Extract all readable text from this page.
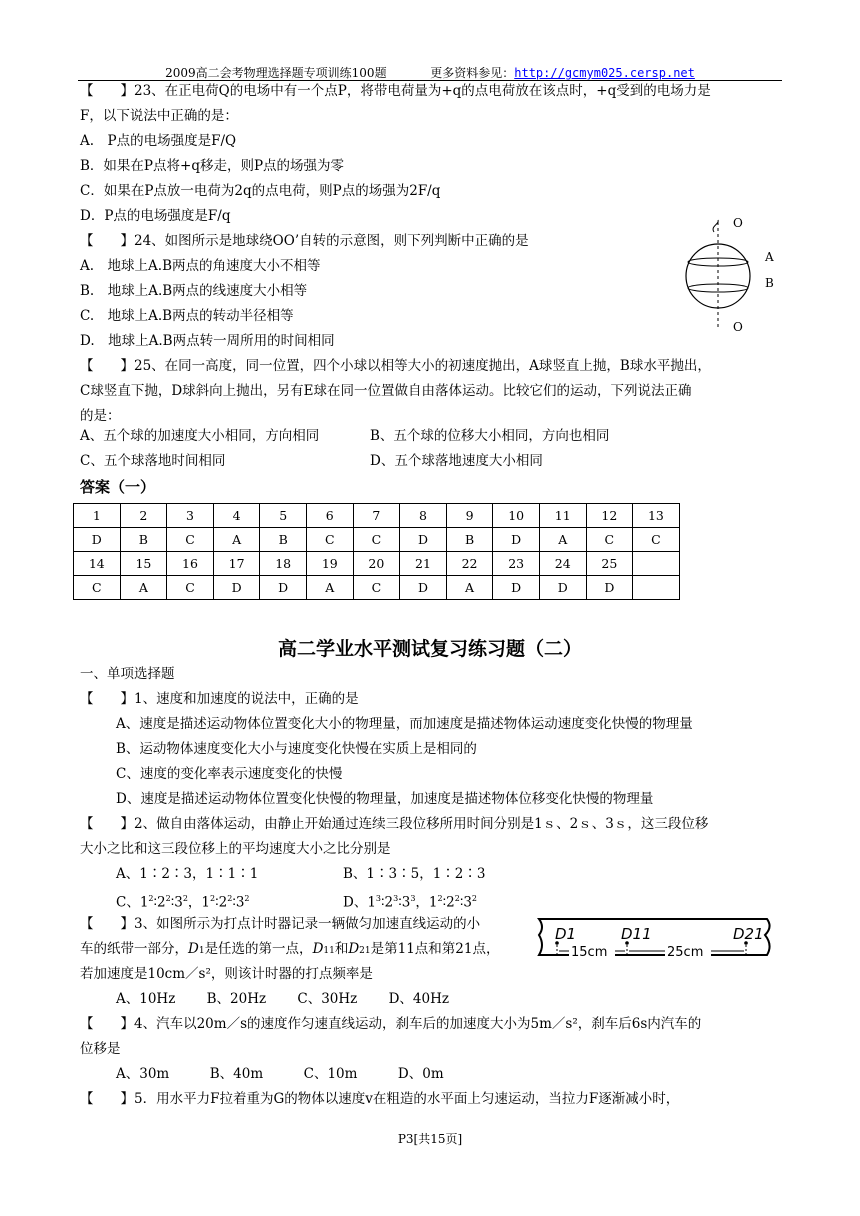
2009高二会考物理选择题专项训练100题	更多资料参见：http://gcmym025.cersp.net
【　　】23、在正电荷Q的电场中有一个点P，将带电荷量为+q的点电荷放在该点时，+q受到的电场力是
F，以下说法中正确的是：
A.　P点的电场强度是F/Q
B．如果在P点将+q移走，则P点的场强为零
C．如果在P点放一电荷为2q的点电荷，则P点的场强为2F/q
D．P点的电场强度是F/q
【　　】24、如图所示是地球绕OO’自转的示意图，则下列判断中正确的是
A.　地球上A.B两点的角速度大小不相等
B.　地球上A.B两点的线速度大小相等
C.　地球上A.B两点的转动半径相等
D.　地球上A.B两点转一周所用的时间相同
O
A
B
O
【　　】25、在同一高度，同一位置，四个小球以相等大小的初速度抛出，A球竖直上抛，B球水平抛出，
C球竖直下抛，D球斜向上抛出，另有E球在同一位置做自由落体运动。比较它们的运动，下列说法正确
的是：
A、五个球的加速度大小相同，方向相同	B、五个球的位移大小相同，方向也相同
C、五个球落地时间相同	D、五个球落地速度大小相同
答案（一）
1	2	3	4	5	6	7	8	9	10	11	12	13
D	B	C	A	B	C	C	D	B	D	A	C	C
14	15	16	17	18	19	20	21	22	23	24	25	
C	A	C	D	D	A	C	D	A	D	D	D	
高二学业水平测试复习练习题（二）
一、单项选择题
【　　】1、速度和加速度的说法中，正确的是
A、速度是描述运动物体位置变化大小的物理量，而加速度是描述物体运动速度变化快慢的物理量
B、运动物体速度变化大小与速度变化快慢在实质上是相同的
C、速度的变化率表示速度变化的快慢
D、速度是描述运动物体位置变化快慢的物理量，加速度是描述物体位移变化快慢的物理量
【　　】2、做自由落体运动，由静止开始通过连续三段位移所用时间分别是1ｓ、2ｓ、3ｓ，这三段位移
大小之比和这三段位移上的平均速度大小之比分别是
A、1∶2∶3，1∶1∶1	B、1∶3∶5，1∶2∶3
C、$1^2∶2^2∶3^2$，$1^2∶2^2∶3^2$	D、$1^3∶2^3∶3^3$，$1^2∶2^2∶3^2$
【　　】3、如图所示为打点计时器记录一辆做匀加速直线运动的小
车的纸带一部分，D1是任选的第一点，D11和D21是第11点和第21点，
若加速度是10cm／s²，则该计时器的打点频率是
A、10Hz　　 B、20Hz　　 C、30Hz　　 D、40Hz
D1	D11	D21
15cm	25cm
【　　】4、汽车以20m／s的速度作匀速直线运动，刹车后的加速度大小为5m／s²，刹车后6s内汽车的
位移是
A、30m　　　B、40m　　　C、10m　　　D、0m
【　　】5．用水平力F拉着重为G的物体以速度v在粗造的水平面上匀速运动，当拉力F逐渐减小时，
P3[共15页]
